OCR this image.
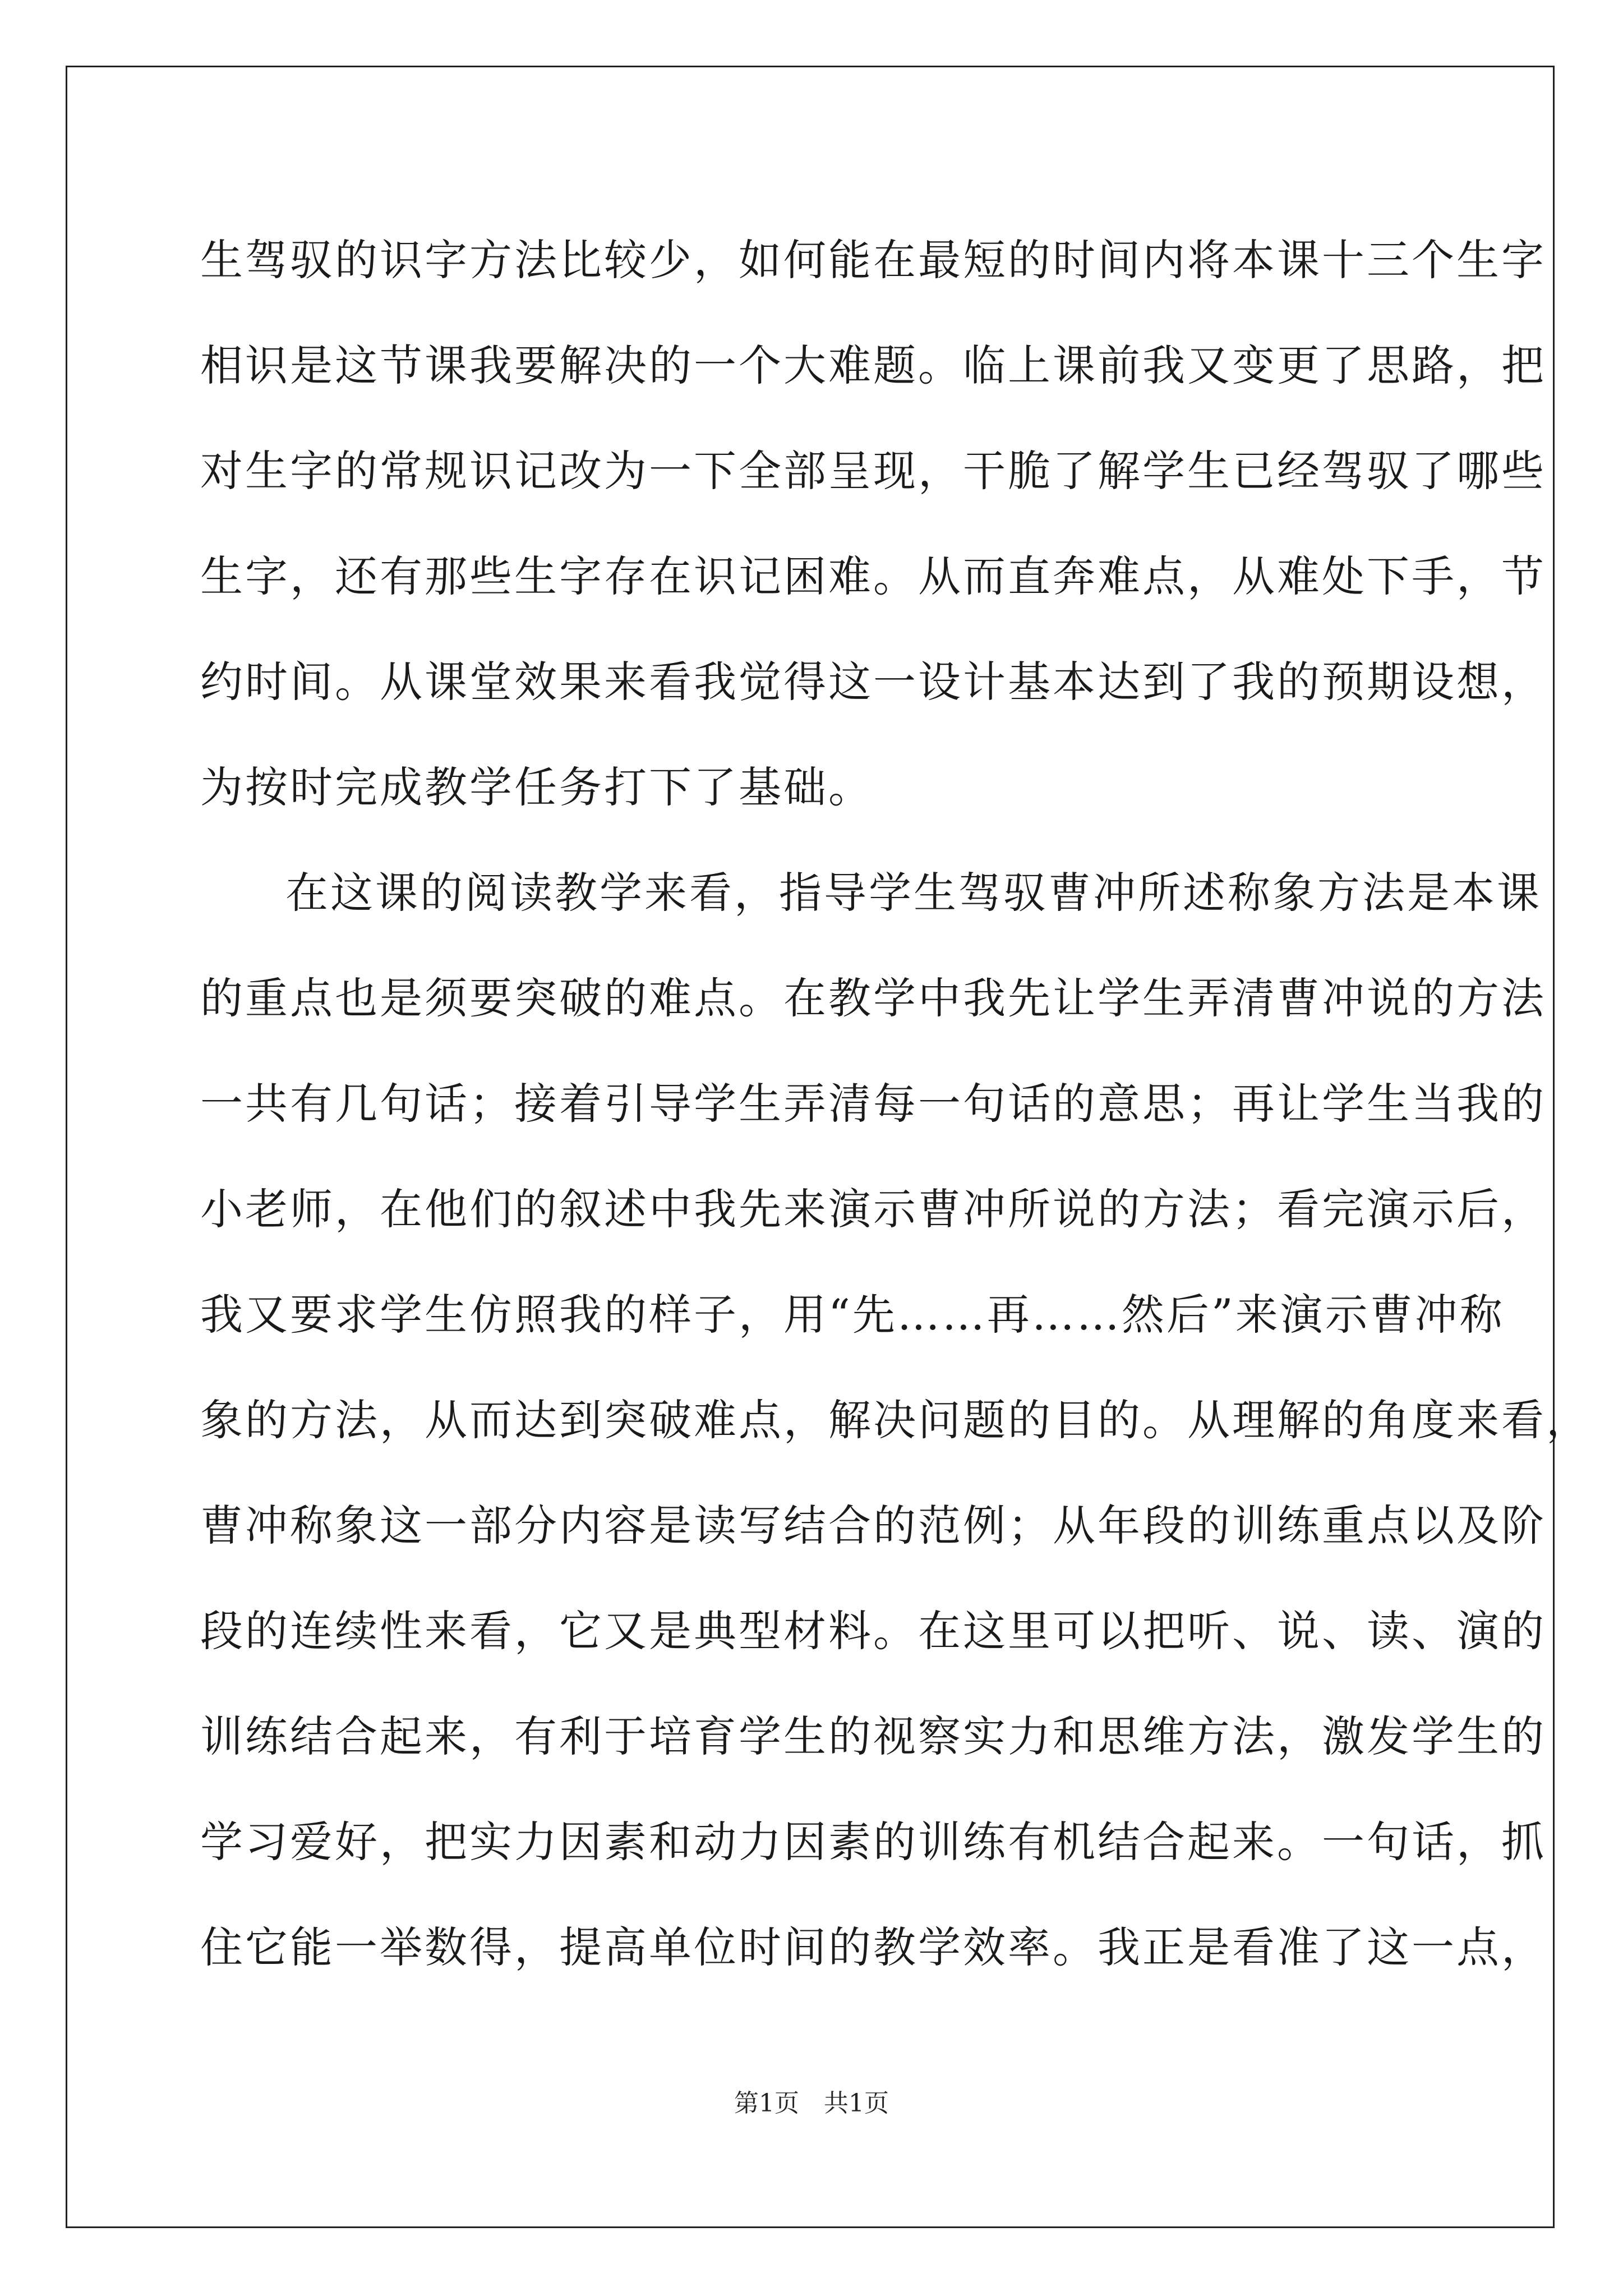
生驾驭的识字方法比较少，如何能在最短的时间内将本课十三个生字
相识是这节课我要解决的一个大难题。临上课前我又变更了思路，把
对生字的常规识记改为一下全部呈现，干脆了解学生已经驾驭了哪些
生字，还有那些生字存在识记困难。从而直奔难点，从难处下手，节
约时间。从课堂效果来看我觉得这一设计基本达到了我的预期设想，
为按时完成教学任务打下了基础。
在这课的阅读教学来看，指导学生驾驭曹冲所述称象方法是本课
的重点也是须要突破的难点。在教学中我先让学生弄清曹冲说的方法
一共有几句话；接着引导学生弄清每一句话的意思；再让学生当我的
小老师，在他们的叙述中我先来演示曹冲所说的方法；看完演示后，
我又要求学生仿照我的样子，用“先……再……然后”来演示曹冲称
象的方法，从而达到突破难点，解决问题的目的。从理解的角度来看，
曹冲称象这一部分内容是读写结合的范例；从年段的训练重点以及阶
段的连续性来看，它又是典型材料。在这里可以把听、说、读、演的
训练结合起来，有利于培育学生的视察实力和思维方法，激发学生的
学习爱好，把实力因素和动力因素的训练有机结合起来。一句话，抓
住它能一举数得，提高单位时间的教学效率。我正是看准了这一点，
第1页　共1页
